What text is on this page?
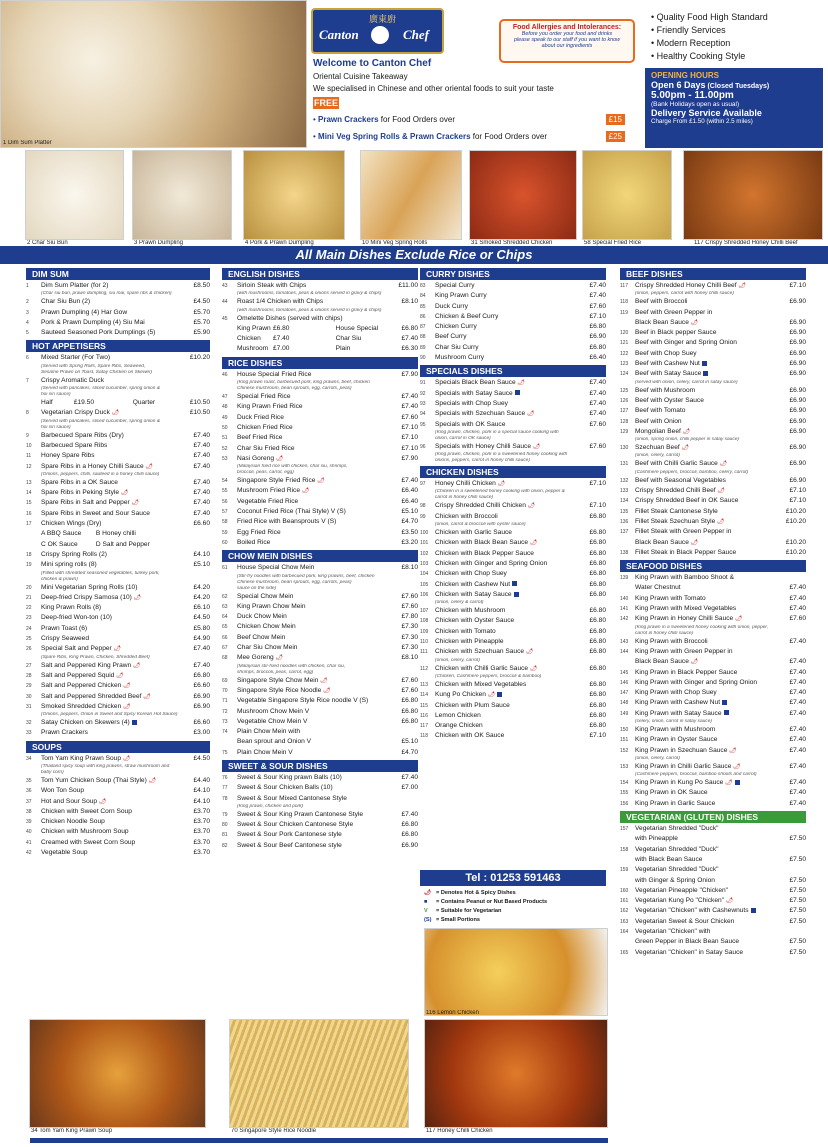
1 Dim Sum Platter
廣東廚
Canton	Chef	Food Allergies and Intolerances:
Before you order your food and drinks
please speak to our staff if you want to know
about our ingredients
• Quality Food High Standard
• Friendly Services
• Modern Reception
• Healthy Cooking Style
Welcome to Canton Chef
Oriental Cuisine Takeaway
We specialised in Chinese and other oriental foods to suit your taste
FREE
• Prawn Crackers for Food Orders over	£15
• Mini Veg Spring Rolls & Prawn Crackers for Food Orders over	£25
OPENING HOURS
Open 6 Days (Closed Tuesdays)
5.00pm - 11.00pm
(Bank Holidays open as usual)
Delivery Service Available
Charge From £1.50 (within 2.5 miles)
2 Char Siu Bun	3 Prawn Dumpling	4 Pork & Prawn Dumpling	10 Mini Veg Spring Rolls	31 Smoked Shredded Chicken	58 Special Fried Rice	117 Crispy Shredded Honey Chilli Beef
All Main Dishes Exclude Rice or Chips
DIM SUM
1	Dim Sum Platter (for 2)	£8.50
(Char siu bun, prawn dumpling, siu mai, spare ribs & chicken)
2	Char Siu Bun (2)	£4.50
3	Prawn Dumpling (4) Har Gow	£5.70
4	Pork & Prawn Dumpling (4) Siu Mai	£5.70
5	Sauteed Seasoned Pork Dumplings (5)	£5.90
HOT APPETISERS
6	Mixed Starter (For Two)	£10.20
(Served with Spring Rolls, Spare Ribs, Seaweed,
Sesame Prawn on Toast, Satay Chicken on Skewer)
7	Crispy Aromatic Duck
(Served with pancakes, sliced cucumber, spring onion &
hoi sin sauce)
Half	£19.50	Quarter	£10.50
8	Vegetarian Crispy Duck 🌶	£10.50
(Served with pancakes, sliced cucumber, spring onion &
hoi sin sauce)
9	Barbecued Spare Ribs (Dry)	£7.40
10	Barbecued Spare Ribs	£7.40
11	Honey Spare Ribs	£7.40
12	Spare Ribs in a Honey Chilli Sauce 🌶	£7.40
(Onions, peppers, chilli, sauteed in a honey chilli sauce)
13	Spare Ribs in a OK Sauce	£7.40
14	Spare Ribs in Peking Style 🌶	£7.40
15	Spare Ribs in Salt and Pepper 🌶	£7.40
16	Spare Ribs in Sweet and Sour Sauce	£7.40
17	Chicken Wings (Dry)	£6.60
A BBQ Sauce B Honey chilli
C OK Sauce	D Salt and Pepper
18	Crispy Spring Rolls (2)	£4.10
19	Mini spring rolls (8)	£5.10
(Filled with shredded seasoned vegetables, turkey pork,
chicken & prawn)
20	Mini Vegetarian Spring Rolls (10)	£4.20
21	Deep-fried Crispy Samosa (10) 🌶	£4.20
22	King Prawn Rolls (8)	£6.10
23	Deep-fried Won-ton (10)	£4.50
24	Prawn Toast (6)	£5.80
25	Crispy Seaweed	£4.90
26	Special Salt and Pepper 🌶	£7.40
(Spare Ribs, King Prawn, Chicken, Shredded Beef)
27	Salt and Peppered King Prawn 🌶	£7.40
28	Salt and Peppered Squid 🌶	£6.80
29	Salt and Peppered Chicken 🌶	£6.60
30	Salt and Peppered Shredded Beef 🌶	£6.90
31	Smoked Shredded Chicken 🌶	£6.90
(Onions, peppers, Onion in Sweet and Spicy Korean Hot Sauce)
32	Satay Chicken on Skewers (4)	£6.60
33	Prawn Crackers	£3.00
SOUPS
34	Tom Yam King Prawn Soup 🌶	£4.50
(Thailand spicy soup with king prawns, straw mushroom and
baby corn)
35	Tom Yum Chicken Soup (Thai Style) 🌶	£4.40
36	Won Ton Soup	£4.10
37	Hot and Sour Soup 🌶	£4.10
38	Chicken with Sweet Corn Soup	£3.70
39	Chicken Noodle Soup	£3.70
40	Chicken with Mushroom Soup	£3.70
41	Creamed with Sweet Corn Soup	£3.70
42	Vegetable Soup	£3.70
ENGLISH DISHES
43	Sirloin Steak with Chips	£11.00
(with mushrooms, tomatoes, peas & onions served in gravy & chips)
44	Roast 1/4 Chicken with Chips	£8.10
(with mushrooms, tomatoes, peas & onions served in gravy & chips)
45	Omelette Dishes (served with chips)
King Prawn £6.80	House Special	£6.80
Chicken £7.40	Char Siu	£7.40
Mushroom £7.00	Plain	£6.30
RICE DISHES
46	House Special Fried Rice	£7.90
(King prawn roast, barbecued pork, king prawns, beef, chicken
Chinese mushroom, bean sprouts, egg, carrots, peas)
47	Special Fried Rice	£7.40
48	King Prawn Fried Rice	£7.40
49	Duck Fried Rice	£7.60
50	Chicken Fried Rice	£7.10
51	Beef Fried Rice	£7.10
52	Char Siu Fried Rice	£7.10
53	Nasi Goreng 🌶	£7.90
(Malaysian fried rice with chicken, char siu, shrimps,
broccoli, peas, carrot, egg)
54	Singapore Style Fried Rice 🌶	£7.40
55	Mushroom Fried Rice 🌶	£6.40
56	Vegetable Fried Rice	£6.40
57	Coconut Fried Rice (Thai Style) V (S)	£5.10
58	Fried Rice with Beansprouts V (S)	£4.70
59	Egg Fried Rice	£3.50
60	Boiled Rice	£3.20
CHOW MEIN DISHES
61	House Special Chow Mein	£8.10
(Stir-fry noodles with barbecued pork, king prawns, beef, chicken
Chinese mushroom, bean sprouts, egg, carrots, peas)
sauce on the side)
62	Special Chow Mein	£7.60
63	King Prawn Chow Mein	£7.60
64	Duck Chow Mein	£7.80
65	Chicken Chow Mein	£7.30
66	Beef Chow Mein	£7.30
67	Char Siu Chow Mein	£7.30
68	Mee Goreng 🌶	£8.10
(Malaysian stir-fried noodles with chicken, char siu,
shrimps, broccoli, peas, carrot, egg)
69	Singapore Style Chow Mein 🌶	£7.60
70	Singapore Style Rice Noodle 🌶	£7.60
71	Vegetable Singapore Style Rice noodle V (S)	£6.80
72	Mushroom Chow Mein V	£6.80
73	Vegetable Chow Mein V	£6.80
74	Plain Chow Mein with
Bean sprout and Onion V	£5.10
75	Plain Chow Mein V	£4.70
SWEET & SOUR DISHES
76	Sweet & Sour King prawn Balls (10)	£7.40
77	Sweet & Sour Chicken Balls (10)	£7.00
78	Sweet & Sour Mixed Cantonese Style
(King prawn, chicken and pork)
79	Sweet & Sour King Prawn Cantonese Style	£7.40
80	Sweet & Sour Chicken Cantonese Style	£6.80
81	Sweet & Sour Pork Cantonese style	£6.80
82	Sweet & Sour Beef Cantonese style	£6.90
CURRY DISHES
83	Special Curry	£7.40
84	King Prawn Curry	£7.40
85	Duck Curry	£7.60
86	Chicken & Beef Curry	£7.10
87	Chicken Curry	£6.80
88	Beef Curry	£6.90
89	Char Siu Curry	£6.80
90	Mushroom Curry	£6.40
SPECIALS DISHES
91	Specials Black Bean Sauce 🌶	£7.40
92	Specials with Satay Sauce	£7.40
93	Specials with Chop Suey	£7.40
94	Specials with Szechuan Sauce 🌶	£7.40
95	Specials with OK Sauce	£7.60
(King prawn, chicken, pork in a special sauce cooking with
onion, carrot in OK sauce)
96	Specials with Honey Chilli Sauce 🌶	£7.60
(King prawn, chicken, pork in a sweetened honey cooking with
onions, peppers, carrot in honey chilli sauce)
CHICKEN DISHES
97	Honey Chilli Chicken 🌶	£7.10
(Chicken in a sweetened honey cooking with onion, pepper &
carrot in honey chilli sauce)
98	Crispy Shredded Chilli Chicken 🌶	£7.10
99	Chicken with Broccoli	£6.80
(onion, carrot & broccoli with oyster sauce)
100	Chicken with Garlic Sauce	£6.80
101	Chicken with Black Bean Sauce 🌶	£6.80
102	Chicken with Black Pepper Sauce	£6.80
103	Chicken with Ginger and Spring Onion	£6.80
104	Chicken with Chop Suey	£6.80
105	Chicken with Cashew Nut	£6.80
106	Chicken with Satay Sauce	£6.80
(onion, celery & carrot)
107	Chicken with Mushroom	£6.80
108	Chicken with Oyster Sauce	£6.80
109	Chicken with Tomato	£6.80
110	Chicken with Pineapple	£6.80
111	Chicken with Szechuan Sauce 🌶	£6.80
(onion, celery, carrot)
112	Chicken with Chilli Garlic Sauce 🌶	£6.80
(Chicken, Cashmere peppers, broccoli & bamboo)
113	Chicken with Mixed Vegetables	£6.80
114	Kung Po Chicken 🌶	£6.80
115	Chicken with Plum Sauce	£6.80
116	Lemon Chicken	£6.80
117	Orange Chicken	£6.80
118	Chicken with OK Sauce	£7.10
BEEF DISHES
117	Crispy Shredded Honey Chilli Beef 🌶	£7.10
(onion, peppers, carrot with honey chilli sauce)
118	Beef with Broccoli	£6.90
119	Beef with Green Pepper in
Black Bean Sauce 🌶	£6.90
120	Beef in Black pepper Sauce	£6.90
121	Beef with Ginger and Spring Onion	£6.90
122	Beef with Chop Suey	£6.90
123	Beef with Cashew Nut	£6.90
124	Beef with Satay Sauce	£6.90
(served with onion, celery, carrot in satay sauce)
125	Beef with Mushroom	£6.90
126	Beef with Oyster Sauce	£6.90
127	Beef with Tomato	£6.90
128	Beef with Onion	£6.90
129	Mongolian Beef 🌶	£6.90
(onion, spring onion, chilli pepper in satay sauce)
130	Szechuan Beef 🌶	£6.90
(onion, celery, carrot)
131	Beef with Chilli Garlic Sauce 🌶	£6.90
(Cashmere peppers, broccoli, bamboo, celery, carrot)
132	Beef with Seasonal Vegetables	£6.90
133	Crispy Shredded Chilli Beef 🌶	£7.10
134	Crispy Shredded Beef in OK Sauce	£7.10
135	Fillet Steak Cantonese Style	£10.20
136	Fillet Steak Szechuan Style 🌶	£10.20
137	Fillet Steak with Green Pepper in
Black Bean Sauce 🌶	£10.20
138	Fillet Steak in Black Pepper Sauce	£10.20
SEAFOOD DISHES
139	King Prawn with Bamboo Shoot &
Water Chestnut	£7.40
140	King Prawn with Tomato	£7.40
141	King Prawn with Mixed Vegetables	£7.40
142	King Prawn in Honey Chilli Sauce 🌶	£7.60
(King prawn in a sweetened honey cooking with onion, pepper,
carrot in honey chilli sauce)
143	King Prawn with Broccoli	£7.40
144	King Prawn with Green Pepper in
Black Bean Sauce 🌶	£7.40
145	King Prawn in Black Pepper Sauce	£7.40
146	King Prawn with Ginger and Spring Onion	£7.40
147	King Prawn with Chop Suey	£7.40
148	King Prawn with Cashew Nut	£7.40
149	King Prawn with Satay Sauce	£7.40
(celery, onion, carrot in satay sauce)
150	King Prawn with Mushroom	£7.40
151	King Prawn in Oyster Sauce	£7.40
152	King Prawn in Szechuan Sauce 🌶	£7.40
(onion, celery, carrot)
153	King Prawn in Chilli Garlic Sauce 🌶	£7.40
(Cashmere peppers, broccoli, bamboo shoots and carrot)
154	King Prawn in Kung Po Sauce 🌶	£7.40
155	King Prawn in OK Sauce	£7.40
156	King Prawn in Garlic Sauce	£7.40
VEGETARIAN (GLUTEN) DISHES
157	Vegetarian Shredded "Duck"
with Pineapple	£7.50
158	Vegetarian Shredded "Duck"
with Black Bean Sauce	£7.50
159	Vegetarian Shredded "Duck"
with Ginger & Spring Onion	£7.50
160	Vegetarian Pineapple "Chicken"	£7.50
161	Vegetarian Kung Po "Chicken" 🌶	£7.50
162	Vegetarian "Chicken" with Cashewnuts	£7.50
163	Vegetarian Sweet & Sour Chicken	£7.50
164	Vegetarian "Chicken" with
Green Pepper in Black Bean Sauce	£7.50
165	Vegetarian "Chicken" in Satay Sauce	£7.50
Tel : 01253 591463
🌶 = Denotes Hot & Spicy Dishes
■ = Contains Peanut or Nut Based Products
V = Suitable for Vegetarian
(S) = Small Portions
116 Lemon Chicken
34 Tom Yam King Prawn Soup	70 Singapore Style Rice Noodle	117 Honey Chilli Chicken
